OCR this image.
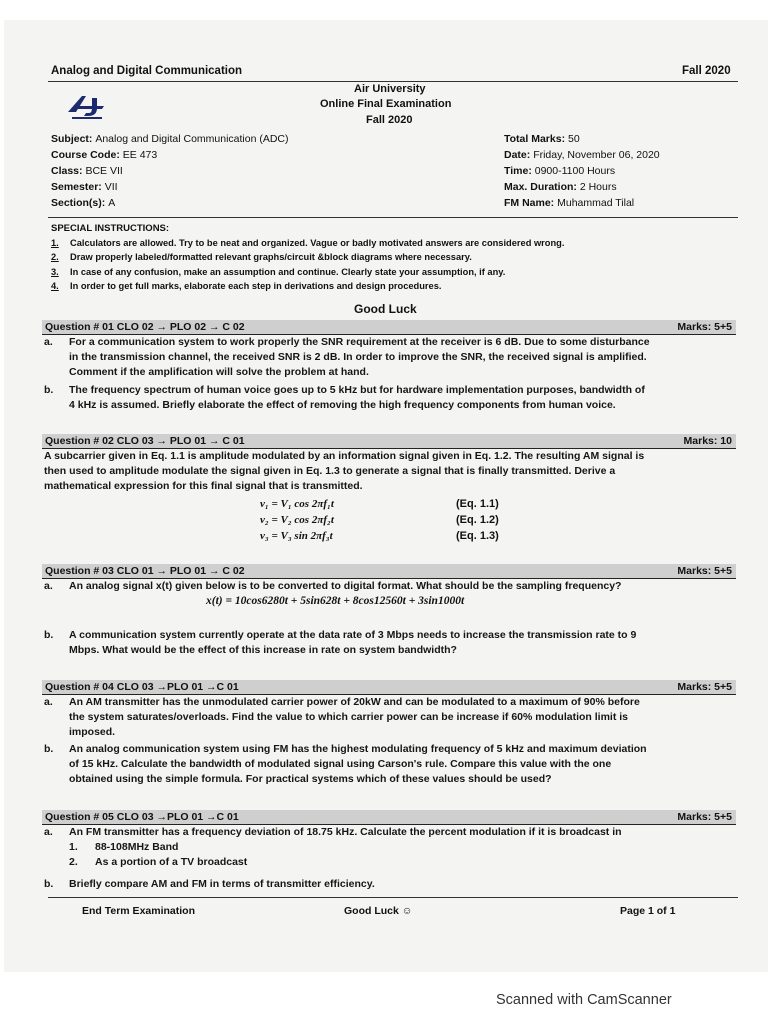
Analog and Digital Communication	Fall 2020
Air University
Online Final Examination
Fall 2020
Subject: Analog and Digital Communication (ADC)
Course Code: EE 473
Class: BCE VII
Semester: VII
Section(s): A
Total Marks: 50
Date: Friday, November 06, 2020
Time: 0900-1100 Hours
Max. Duration: 2 Hours
FM Name: Muhammad Tilal
SPECIAL INSTRUCTIONS:
1. Calculators are allowed. Try to be neat and organized. Vague or badly motivated answers are considered wrong.
2. Draw properly labeled/formatted relevant graphs/circuit &block diagrams where necessary.
3. In case of any confusion, make an assumption and continue. Clearly state your assumption, if any.
4. In order to get full marks, elaborate each step in derivations and design procedures.
Good Luck
Question # 01 CLO 02 → PLO 02 → C 02	Marks: 5+5
a. For a communication system to work properly the SNR requirement at the receiver is 6 dB. Due to some disturbance
in the transmission channel, the received SNR is 2 dB. In order to improve the SNR, the received signal is amplified.
Comment if the amplification will solve the problem at hand.
b. The frequency spectrum of human voice goes up to 5 kHz but for hardware implementation purposes, bandwidth of
4 kHz is assumed. Briefly elaborate the effect of removing the high frequency components from human voice.
Question # 02 CLO 03 → PLO 01 → C 01	Marks: 10
A subcarrier given in Eq. 1.1 is amplitude modulated by an information signal given in Eq. 1.2. The resulting AM signal is
then used to amplitude modulate the signal given in Eq. 1.3 to generate a signal that is finally transmitted. Derive a
mathematical expression for this final signal that is transmitted.
v₁ = V₁ cos 2πf₁t	(Eq. 1.1)
v₂ = V₂ cos 2πf₂t	(Eq. 1.2)
v₃ = V₃ sin 2πf₃t	(Eq. 1.3)
Question # 03 CLO 01 → PLO 01 → C 02	Marks: 5+5
a. An analog signal x(t) given below is to be converted to digital format. What should be the sampling frequency?
x(t) = 10cos6280t + 5sin628t + 8cos12560t + 3sin1000t
b. A communication system currently operate at the data rate of 3 Mbps needs to increase the transmission rate to 9
Mbps. What would be the effect of this increase in rate on system bandwidth?
Question # 04 CLO 03 →PLO 01 →C 01	Marks: 5+5
a. An AM transmitter has the unmodulated carrier power of 20kW and can be modulated to a maximum of 90% before
the system saturates/overloads. Find the value to which carrier power can be increase if 60% modulation limit is
imposed.
b. An analog communication system using FM has the highest modulating frequency of 5 kHz and maximum deviation
of 15 kHz. Calculate the bandwidth of modulated signal using Carson's rule. Compare this value with the one
obtained using the simple formula. For practical systems which of these values should be used?
Question # 05 CLO 03 →PLO 01 →C 01	Marks: 5+5
a. An FM transmitter has a frequency deviation of 18.75 kHz. Calculate the percent modulation if it is broadcast in
1. 88-108MHz Band
2. As a portion of a TV broadcast
b. Briefly compare AM and FM in terms of transmitter efficiency.
End Term Examination	Good Luck ☺	Page 1 of 1
Scanned with CamScanner
